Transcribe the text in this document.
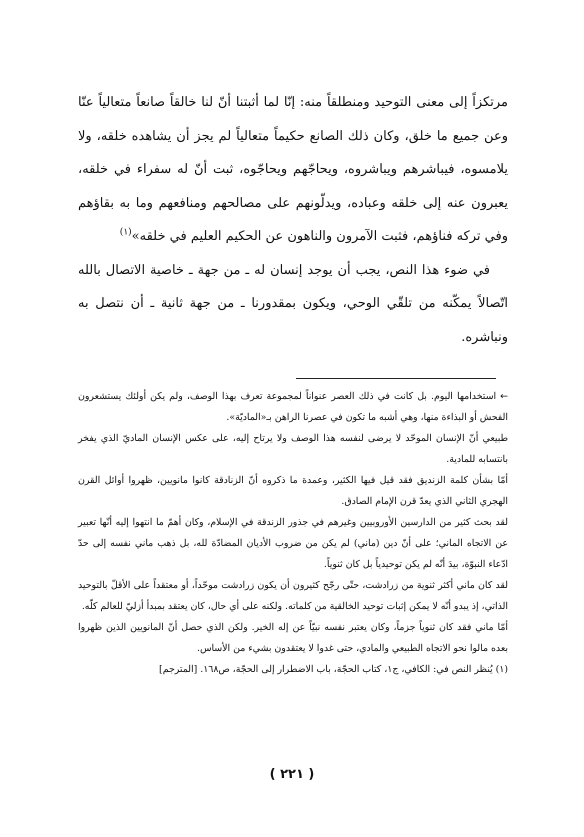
مرتكزاً إلى معنى التوحيد ومنطلقاً منه: إنّا لما أثبتنا أنّ لنا خالقاً صانعاً متعالياً عنّا وعن جميع ما خلق، وكان ذلك الصانع حكيماً متعالياً لم يجز أن يشاهده خلقه، ولا يلامسوه، فيباشرهم ويباشروه، ويحاجّهم ويحاجّوه، ثبت أنّ له سفراء في خلقه، يعبرون عنه إلى خلقه وعباده، ويدلّونهم على مصالحهم ومنافعهم وما به بقاؤهم وفي تركه فناؤهم، فثبت الآمرون والناهون عن الحكيم العليم في خلقه»$^{(١)}$

في ضوء هذا النص، يجب أن يوجد إنسان له ـ من جهة ـ خاصية الاتصال بالله اتّصالاً يمكّنه من تلقّي الوحي، ويكون بمقدورنا ـ من جهة ثانية ـ أن نتصل به ونباشره.

← استخدامها اليوم. بل كانت في ذلك العصر عنواناً لمجموعة تعرف بهذا الوصف، ولم يكن أولئك يستشعرون الفحش أو البذاءة منها، وهي أشبه ما تكون في عصرنا الراهن بـ«الماديّة».

طبيعي أنّ الإنسان الموحّد لا يرضى لنفسه هذا الوصف ولا يرتاح إليه، على عكس الإنسان الماديّ الذي يفخر بانتسابه للمادية.

أمّا بشأن كلمة الزنديق فقد قيل فيها الكثير، وعمدة ما ذكروه أنّ الزنادقة كانوا مانويين، ظهروا أوائل القرن الهجري الثاني الذي يعدّ قرن الإمام الصادق.

لقد بحث كثير من الدارسين الأوروبيين وغيرهم في جذور الزندقة في الإسلام، وكان أهمّ ما انتهوا إليه أنّها تعبير عن الاتجاه الماني؛ على أنّ دين (ماني) لم يكن من ضروب الأديان المضادّة لله، بل ذهب ماني نفسه إلى حدّ ادّعاء النبوّة، بيدَ أنّه لم يكن توحيدياً بل كان ثنوياً.

لقد كان ماني أكثر ثنوية من زرادشت، حتّى رجّح كثيرون أن يكون زرادشت موحّداً، أو معتقداً على الأقلّ بالتوحيد الذاتي، إذ يبدو أنّه لا يمكن إثبات توحيد الخالقية من كلماته. ولكنه على أي حال، كان يعتقد بمبدأ أزليّ للعالم كلّه.

أمّا ماني فقد كان ثنوياً جزماً، وكان يعتبر نفسه نبيّاً عن إله الخير. ولكن الذي حصل أنّ المانويين الذين ظهروا بعده مالوا نحو الاتجاه الطبيعي والمادي، حتى غدوا لا يعتقدون بشيء من الأساس.

(١) يُنظر النص في: الكافي، ج١، كتاب الحجّة، باب الاضطرار إلى الحجّة، ص١٦٨. [المترجم]

( ٢٢١ )
